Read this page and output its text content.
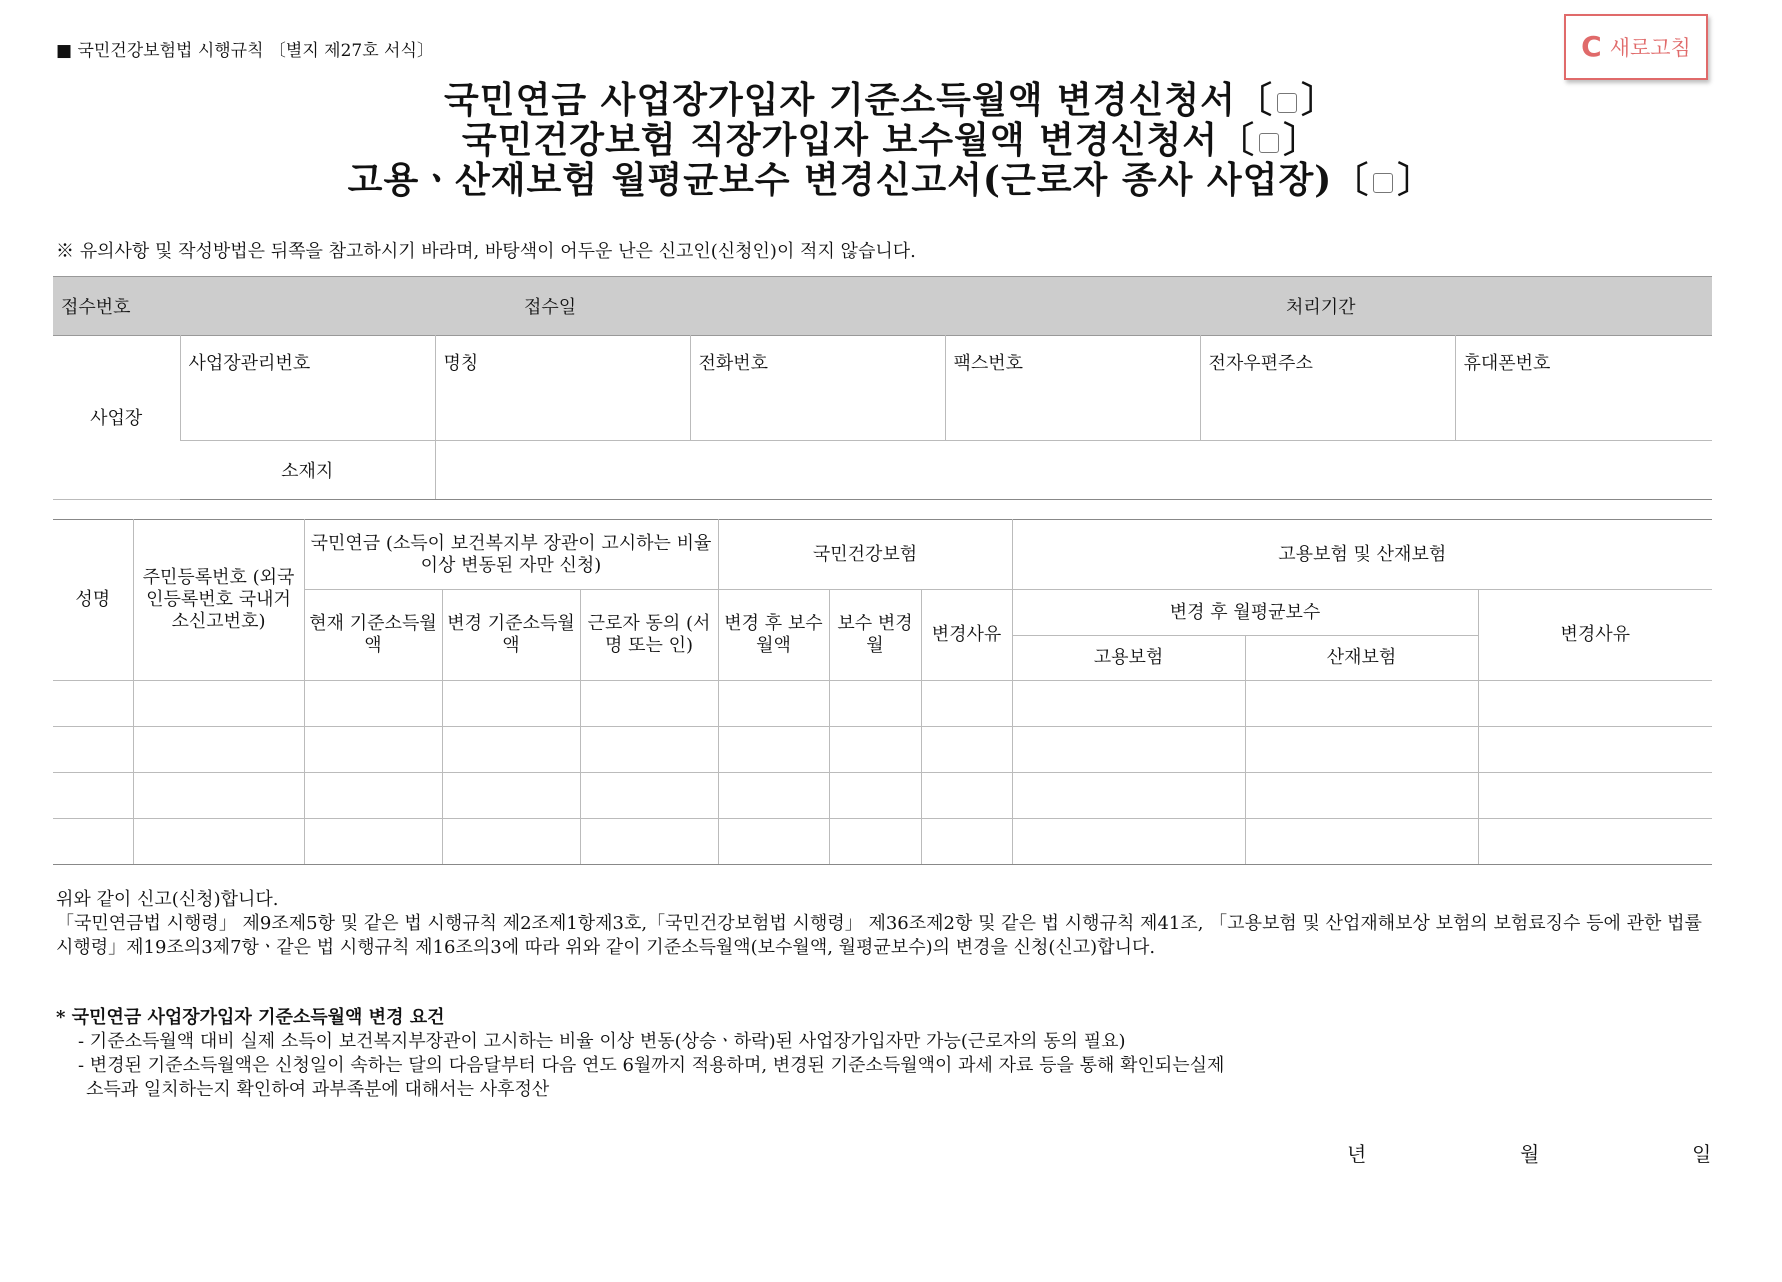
■ 국민건강보험법 시행규칙 〔별지 제27호 서식〕	C 새로고침
국민연금 사업장가입자 기준소득월액 변경신청서〔 〕
국민건강보험 직장가입자 보수월액 변경신청서〔 〕
고용ㆍ산재보험 월평균보수 변경신고서(근로자 종사 사업장)〔 〕
※ 유의사항 및 작성방법은 뒤쪽을 참고하시기 바라며, 바탕색이 어두운 난은 신고인(신청인)이 적지 않습니다.
접수번호		접수일		처리기간
사업장	사업장관리번호	명칭	전화번호	팩스번호	전자우편주소	휴대폰번호
	소재지					
성명	주민등록번호 (외국인등록번호 국내거소신고번호)	국민연금 (소득이 보건복지부 장관이 고시하는 비율이상 변동된 자만 신청)			국민건강보험			고용보험 및 산재보험		
		현재 기준소득월액	변경 기준소득월액	근로자 동의 (서명 또는 인)	변경 후 보수월액	보수 변경 월	변경사유	변경 후 월평균보수		변경사유
								고용보험	산재보험	

위와 같이 신고(신청)합니다.
「국민연금법 시행령」 제9조제5항 및 같은 법 시행규칙 제2조제1항제3호,「국민건강보험법 시행령」 제36조제2항 및 같은 법 시행규칙 제41조, 「고용보험 및 산업재해보상 보험의 보험료징수 등에 관한 법률 시행령」제19조의3제7항ㆍ같은 법 시행규칙 제16조의3에 따라 위와 같이 기준소득월액(보수월액, 월평균보수)의 변경을 신청(신고)합니다.
* 국민연금 사업장가입자 기준소득월액 변경 요건
- 기준소득월액 대비 실제 소득이 보건복지부장관이 고시하는 비율 이상 변동(상승ㆍ하락)된 사업장가입자만 가능(근로자의 동의 필요)
- 변경된 기준소득월액은 신청일이 속하는 달의 다음달부터 다음 연도 6월까지 적용하며, 변경된 기준소득월액이 과세 자료 등을 통해 확인되는실제
소득과 일치하는지 확인하여 과부족분에 대해서는 사후정산
년	월	일
